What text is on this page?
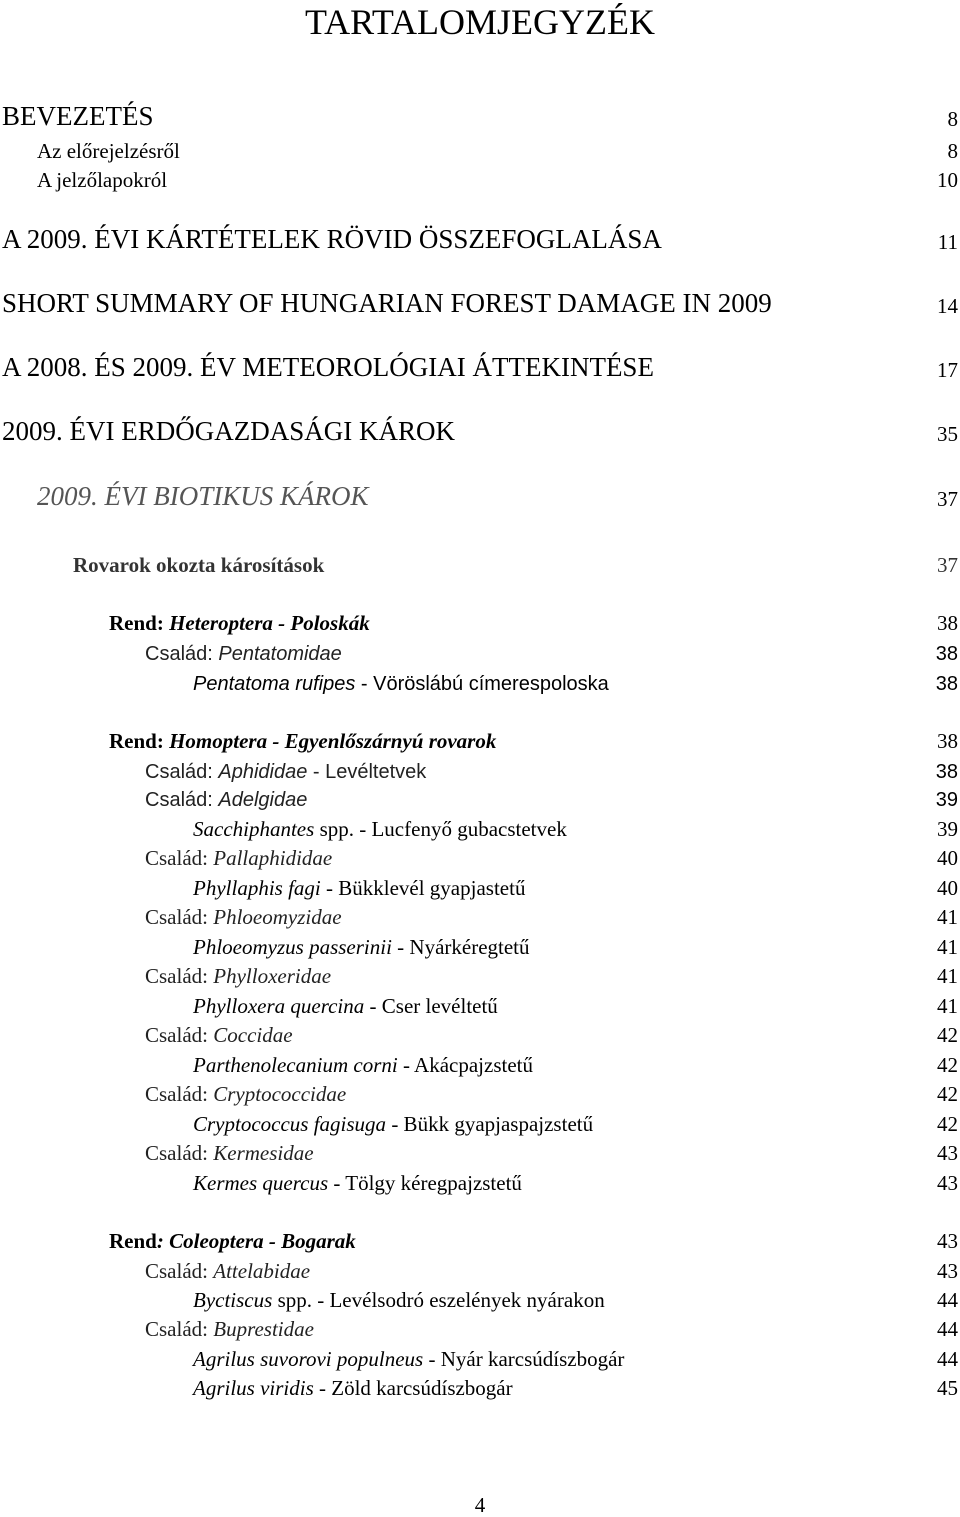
TARTALOMJEGYZÉK
BEVEZETÉS	8
Az előrejelzésről	8
A jelzőlapokról	10
A 2009. ÉVI KÁRTÉTELEK RÖVID ÖSSZEFOGLALÁSA	11
SHORT SUMMARY OF HUNGARIAN FOREST DAMAGE IN 2009	14
A 2008. ÉS 2009. ÉV METEOROLÓGIAI ÁTTEKINTÉSE	17
2009. ÉVI ERDŐGAZDASÁGI KÁROK	35
2009. ÉVI BIOTIKUS KÁROK	37
Rovarok okozta károsítások	37
Rend: Heteroptera - Poloskák	38
Család: Pentatomidae	38
Pentatoma rufipes - Vöröslábú címerespoloska	38
Rend: Homoptera - Egyenlőszárnyú rovarok	38
Család: Aphididae - Levéltetvek	38
Család: Adelgidae	39
Sacchiphantes spp. - Lucfenyő gubacstetvek	39
Család: Pallaphididae	40
Phyllaphis fagi - Bükklevél gyapjastetű	40
Család: Phloeomyzidae	41
Phloeomyzus passerinii - Nyárkéregtetű	41
Család: Phylloxeridae	41
Phylloxera quercina - Cser levéltetű	41
Család: Coccidae	42
Parthenolecanium corni - Akácpajzstetű	42
Család: Cryptococcidae	42
Cryptococcus fagisuga - Bükk gyapjaspajzstetű	42
Család: Kermesidae	43
Kermes quercus - Tölgy kéregpajzstetű	43
Rend: Coleoptera - Bogarak	43
Család: Attelabidae	43
Byctiscus spp. - Levélsodró eszelények nyárakon	44
Család: Buprestidae	44
Agrilus suvorovi populneus - Nyár karcsúdíszbogár	44
Agrilus viridis - Zöld karcsúdíszbogár	45
4
